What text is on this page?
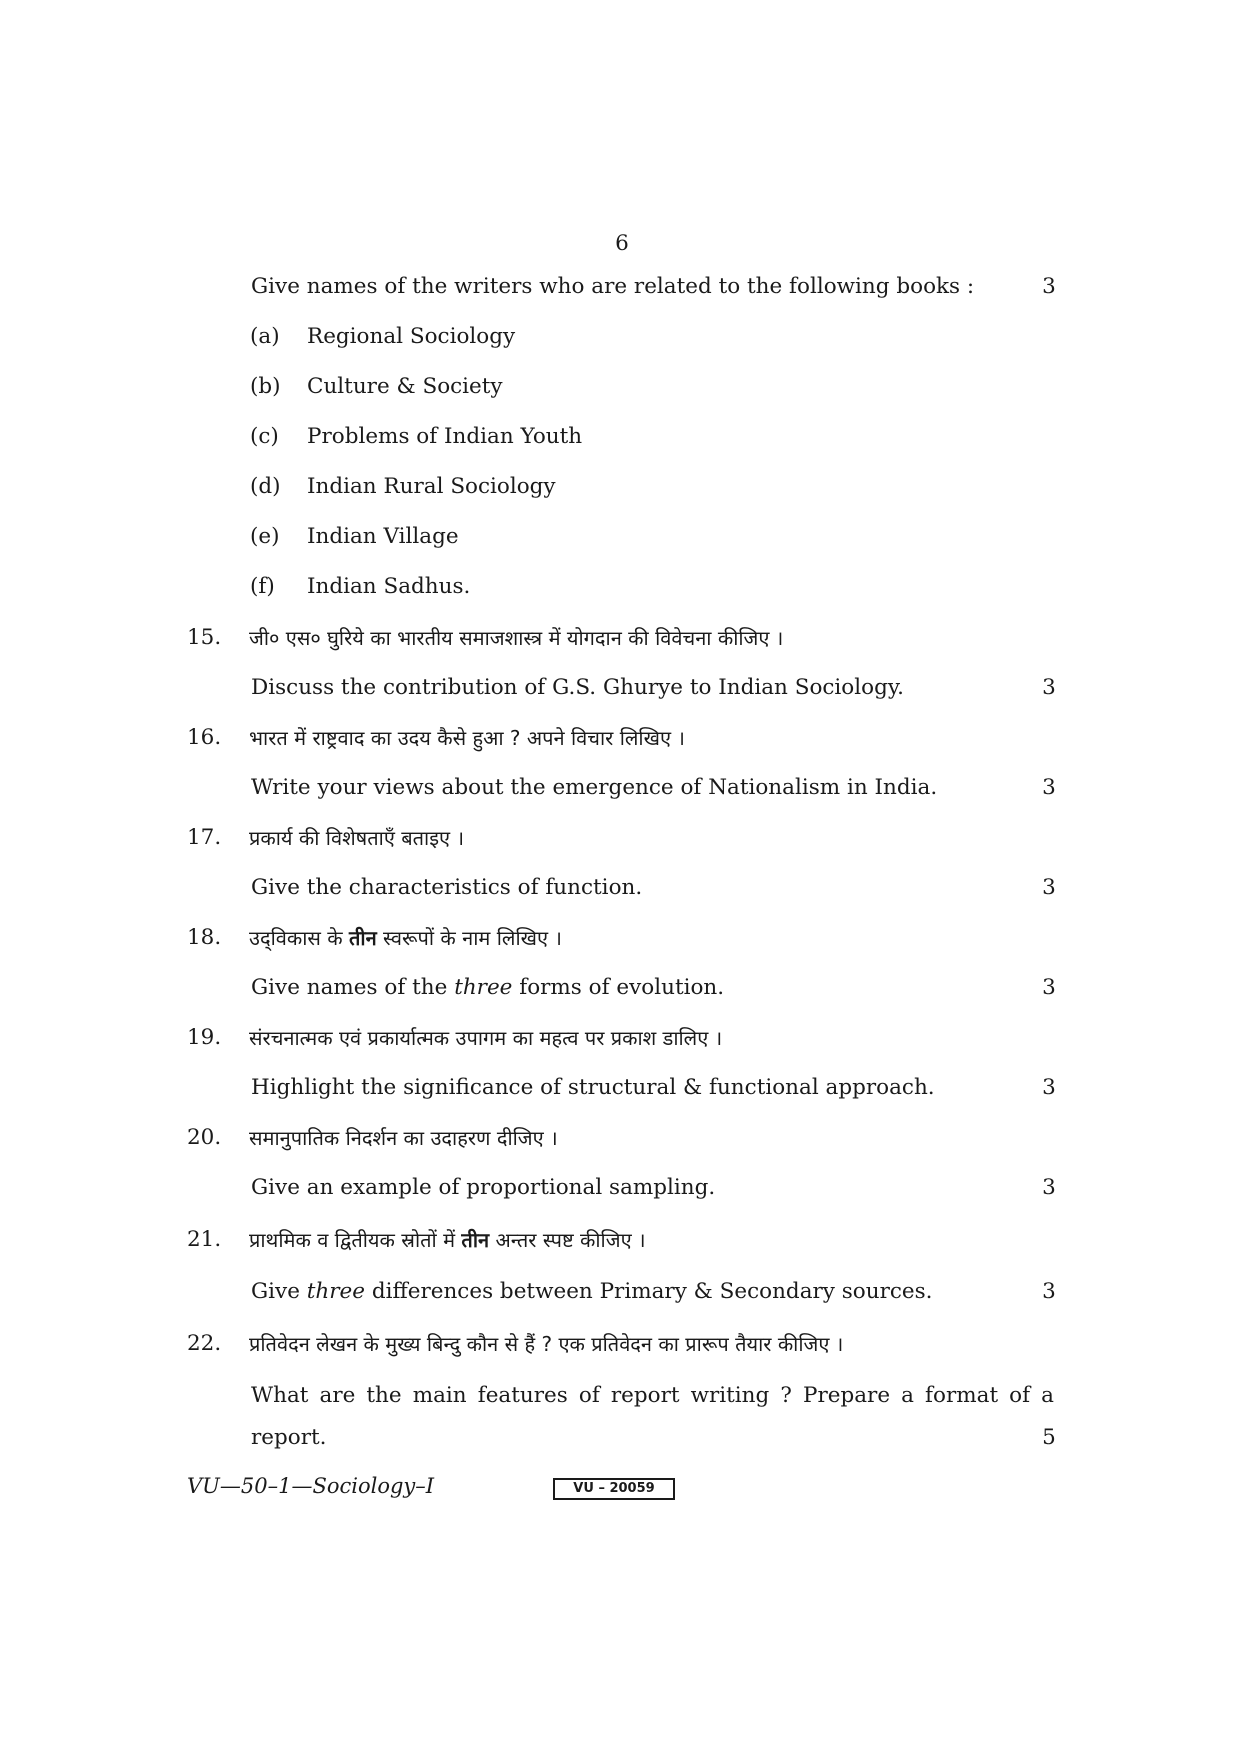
6
Give names of the writers who are related to the following books :	3
(a) Regional Sociology
(b) Culture & Society
(c) Problems of Indian Youth
(d) Indian Rural Sociology
(e) Indian Village
(f) Indian Sadhus.
15. जी० एस० घुरिये का भारतीय समाजशास्त्र में योगदान की विवेचना कीजिए ।
Discuss the contribution of G.S. Ghurye to Indian Sociology.	3
16. भारत में राष्ट्रवाद का उदय कैसे हुआ ? अपने विचार लिखिए ।
Write your views about the emergence of Nationalism in India.	3
17. प्रकार्य की विशेषताएँ बताइए ।
Give the characteristics of function.	3
18. उद्‌विकास के तीन स्वरूपों के नाम लिखिए ।
Give names of the three forms of evolution.	3
19. संरचनात्मक एवं प्रकार्यात्मक उपागम का महत्व पर प्रकाश डालिए ।
Highlight the significance of structural & functional approach.	3
20. समानुपातिक निदर्शन का उदाहरण दीजिए ।
Give an example of proportional sampling.	3
21. प्राथमिक व द्वितीयक स्रोतों में तीन अन्तर स्पष्ट कीजिए ।
Give three differences between Primary & Secondary sources.	3
22. प्रतिवेदन लेखन के मुख्य बिन्दु कौन से हैं ? एक प्रतिवेदन का प्रारूप तैयार कीजिए ।
What are the main features of report writing ? Prepare a format of a
report.	5
VU—50–1—Sociology–I	VU – 20059
